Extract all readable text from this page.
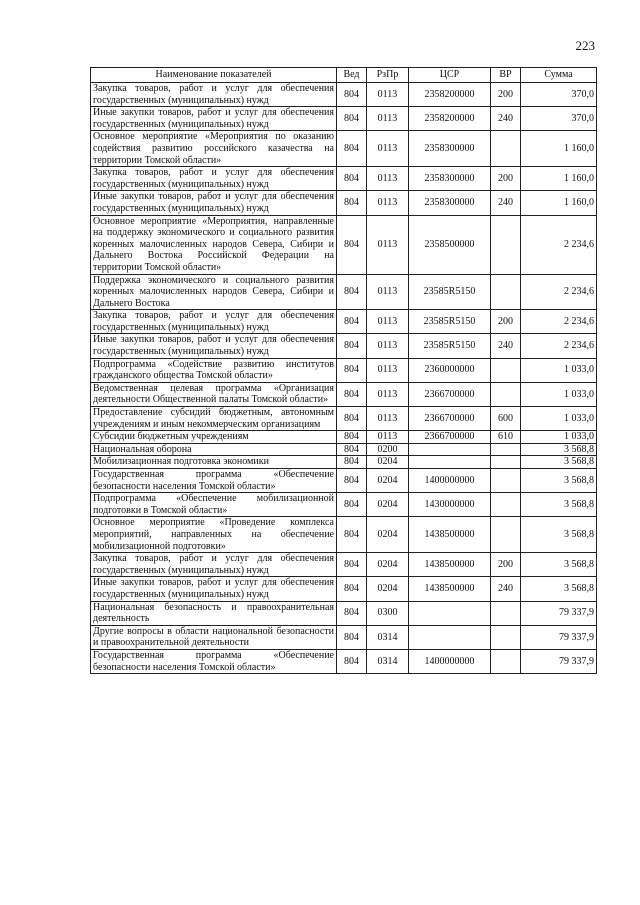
223
Наименование показателей	Вед	РзПр	ЦСР	ВР	Сумма
Закупка товаров, работ и услуг для обеспечения государственных (муниципальных) нужд	804	0113	2358200000	200	370,0
Иные закупки товаров, работ и услуг для обеспечения государственных (муниципальных) нужд	804	0113	2358200000	240	370,0
Основное мероприятие «Мероприятия по оказанию содействия развитию российского казачества на территории Томской области»	804	0113	2358300000		1 160,0
Закупка товаров, работ и услуг для обеспечения государственных (муниципальных) нужд	804	0113	2358300000	200	1 160,0
Иные закупки товаров, работ и услуг для обеспечения государственных (муниципальных) нужд	804	0113	2358300000	240	1 160,0
Основное мероприятие «Мероприятия, направленные на поддержку экономического и социального развития коренных малочисленных народов Севера, Сибири и Дальнего Востока Российской Федерации на территории Томской области»	804	0113	2358500000		2 234,6
Поддержка экономического и социального развития коренных малочисленных народов Севера, Сибири и Дальнего Востока	804	0113	23585R5150		2 234,6
Закупка товаров, работ и услуг для обеспечения государственных (муниципальных) нужд	804	0113	23585R5150	200	2 234,6
Иные закупки товаров, работ и услуг для обеспечения государственных (муниципальных) нужд	804	0113	23585R5150	240	2 234,6
Подпрограмма «Содействие развитию институтов гражданского общества Томской области»	804	0113	2360000000		1 033,0
Ведомственная целевая программа «Организация деятельности Общественной палаты Томской области»	804	0113	2366700000		1 033,0
Предоставление субсидий бюджетным, автономным учреждениям и иным некоммерческим организациям	804	0113	2366700000	600	1 033,0
Субсидии бюджетным учреждениям	804	0113	2366700000	610	1 033,0
Национальная оборона	804	0200			3 568,8
Мобилизационная подготовка экономики	804	0204			3 568,8
Государственная программа «Обеспечение безопасности населения Томской области»	804	0204	1400000000		3 568,8
Подпрограмма «Обеспечение мобилизационной подготовки в Томской области»	804	0204	1430000000		3 568,8
Основное мероприятие «Проведение комплекса мероприятий, направленных на обеспечение мобилизационной подготовки»	804	0204	1438500000		3 568,8
Закупка товаров, работ и услуг для обеспечения государственных (муниципальных) нужд	804	0204	1438500000	200	3 568,8
Иные закупки товаров, работ и услуг для обеспечения государственных (муниципальных) нужд	804	0204	1438500000	240	3 568,8
Национальная безопасность и правоохранительная деятельность	804	0300			79 337,9
Другие вопросы в области национальной безопасности и правоохранительной деятельности	804	0314			79 337,9
Государственная программа «Обеспечение безопасности населения Томской области»	804	0314	1400000000		79 337,9
